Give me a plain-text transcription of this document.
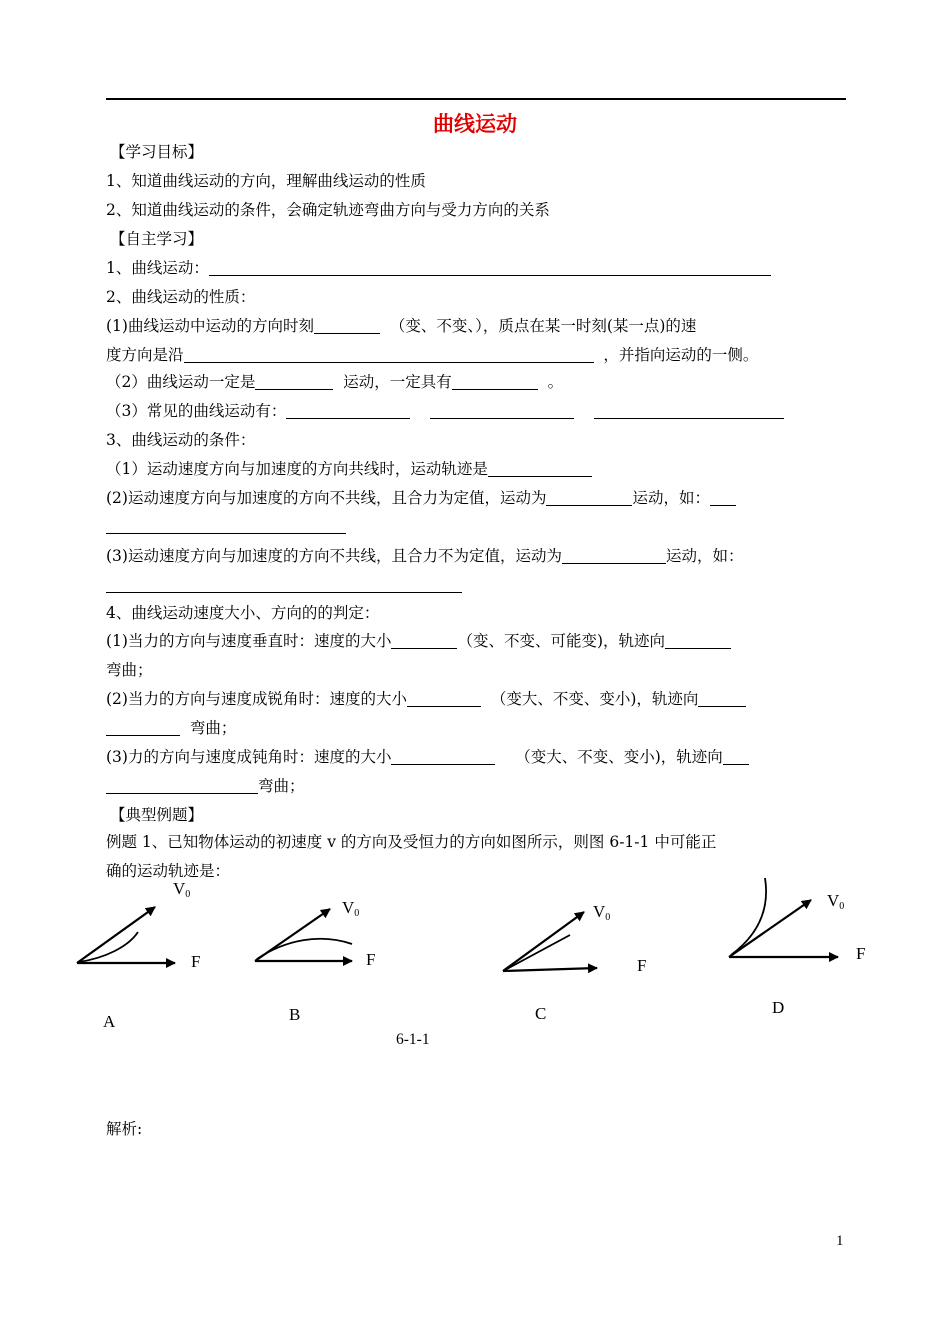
曲线运动
【学习目标】
1、知道曲线运动的方向，理解曲线运动的性质
2、知道曲线运动的条件，会确定轨迹弯曲方向与受力方向的关系
【自主学习】
1、曲线运动：
2、曲线运动的性质：
(1)曲线运动中运动的方向时刻	（变、不变、），质点在某一时刻(某一点)的速
度方向是沿	，并指向运动的一侧。
（2）曲线运动一定是	运动，一定具有	。
（3）常见的曲线运动有：
3、曲线运动的条件：
（1）运动速度方向与加速度的方向共线时，运动轨迹是
(2)运动速度方向与加速度的方向不共线，且合力为定值，运动为	运动，如：
(3)运动速度方向与加速度的方向不共线，且合力不为定值，运动为	运动，如：
4、曲线运动速度大小、方向的的判定：
(1)当力的方向与速度垂直时：速度的大小	（变、不变、可能变)，轨迹向
弯曲；
(2)当力的方向与速度成锐角时：速度的大小	（变大、不变、变小)，轨迹向
弯曲；
(3)力的方向与速度成钝角时：速度的大小	（变大、不变、变小)，轨迹向
弯曲；
【典型例题】
例题 1、已知物体运动的初速度 v 的方向及受恒力的方向如图所示，则图 6-1-1 中可能正
确的运动轨迹是：
V0
F
A
V0
F
B
V0
F
C
V0
F
D
6-1-1
解析:
1
